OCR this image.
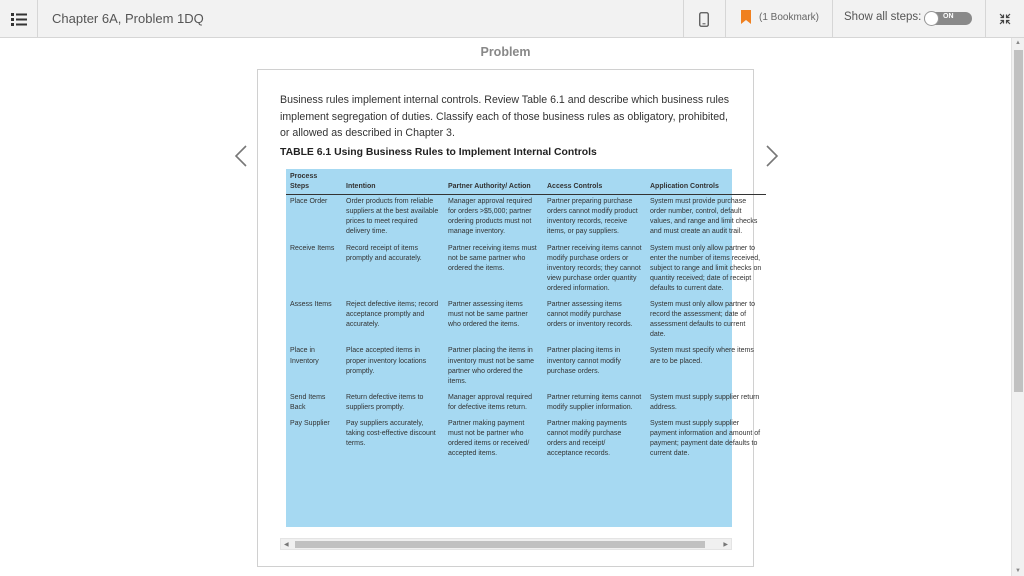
Chapter 6A, Problem 1DQ	(1 Bookmark) Show all steps:	ON
Problem
Business rules implement internal controls. Review Table 6.1 and describe which business rules implement segregation of duties. Classify each of those business rules as obligatory, prohibited, or allowed as described in Chapter 3.
TABLE 6.1 Using Business Rules to Implement Internal Controls
Process Steps	Intention	Partner Authority/ Action	Access Controls	Application Controls
Place Order	Order products from reliable suppliers at the best available prices to meet required delivery time.	Manager approval required for orders >$5,000; partner ordering products must not manage inventory.	Partner preparing purchase orders cannot modify product inventory records, receive items, or pay suppliers.	System must provide purchase order number, control, default values, and range and limit checks and must create an audit trail.
Receive Items	Record receipt of items promptly and accurately.	Partner receiving items must not be same partner who ordered the items.	Partner receiving items cannot modify purchase orders or inventory records; they cannot view purchase order quantity ordered information.	System must only allow partner to enter the number of items received, subject to range and limit checks on quantity received; date of receipt defaults to current date.
Assess Items	Reject defective items; record acceptance promptly and accurately.	Partner assessing items must not be same partner who ordered the items.	Partner assessing items cannot modify purchase orders or inventory records.	System must only allow partner to record the assessment; date of assessment defaults to current date.
Place in Inventory	Place accepted items in proper inventory locations promptly.	Partner placing the items in inventory must not be same partner who ordered the items.	Partner placing items in inventory cannot modify purchase orders.	System must specify where items are to be placed.
Send Items Back	Return defective items to suppliers promptly.	Manager approval required for defective items return.	Partner returning items cannot modify supplier information.	System must supply supplier return address.
Pay Supplier	Pay suppliers accurately, taking cost-effective discount terms.	Partner making payment must not be partner who ordered items or received/ accepted items.	Partner making payments cannot modify purchase orders and receipt/ acceptance records.	System must supply supplier payment information and amount of payment; payment date defaults to current date.
◀	▶
▲
▼
